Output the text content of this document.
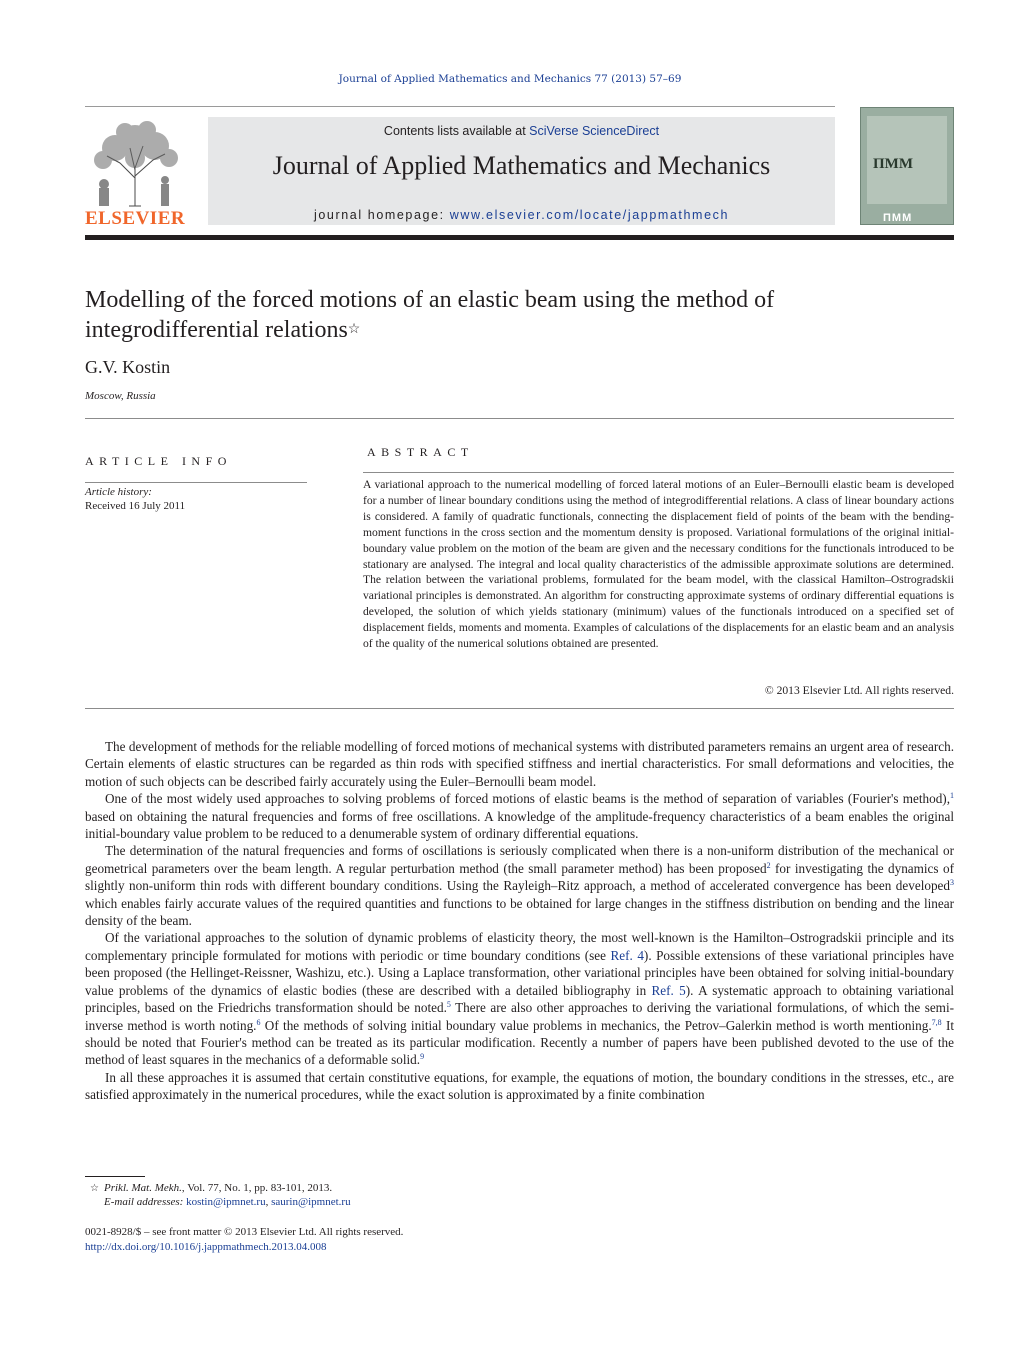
Journal of Applied Mathematics and Mechanics 77 (2013) 57–69
ELSEVIER
Contents lists available at SciVerse ScienceDirect
Journal of Applied Mathematics and Mechanics
journal homepage: www.elsevier.com/locate/jappmathmech
ПММ
ПММ
Modelling of the forced motions of an elastic beam using the method of integrodifferential relations☆
G.V. Kostin
Moscow, Russia
ARTICLE INFO
Article history:
Received 16 July 2011
ABSTRACT
A variational approach to the numerical modelling of forced lateral motions of an Euler–Bernoulli elastic beam is developed for a number of linear boundary conditions using the method of integrodifferential relations. A class of linear boundary actions is considered. A family of quadratic functionals, connecting the displacement field of points of the beam with the bending-moment functions in the cross section and the momentum density is proposed. Variational formulations of the original initial-boundary value problem on the motion of the beam are given and the necessary conditions for the functionals introduced to be stationary are analysed. The integral and local quality characteristics of the admissible approximate solutions are determined. The relation between the variational problems, formulated for the beam model, with the classical Hamilton–Ostrogradskii variational principles is demonstrated. An algorithm for constructing approximate systems of ordinary differential equations is developed, the solution of which yields stationary (minimum) values of the functionals introduced on a specified set of displacement fields, moments and momenta. Examples of calculations of the displacements for an elastic beam and an analysis of the quality of the numerical solutions obtained are presented.
© 2013 Elsevier Ltd. All rights reserved.

The development of methods for the reliable modelling of forced motions of mechanical systems with distributed parameters remains an urgent area of research. Certain elements of elastic structures can be regarded as thin rods with specified stiffness and inertial characteristics. For small deformations and velocities, the motion of such objects can be described fairly accurately using the Euler–Bernoulli beam model.

One of the most widely used approaches to solving problems of forced motions of elastic beams is the method of separation of variables (Fourier's method),$^1$ based on obtaining the natural frequencies and forms of free oscillations. A knowledge of the amplitude-frequency characteristics of a beam enables the original initial-boundary value problem to be reduced to a denumerable system of ordinary differential equations.

The determination of the natural frequencies and forms of oscillations is seriously complicated when there is a non-uniform distribution of the mechanical or geometrical parameters over the beam length. A regular perturbation method (the small parameter method) has been proposed$^2$ for investigating the dynamics of slightly non-uniform thin rods with different boundary conditions. Using the Rayleigh–Ritz approach, a method of accelerated convergence has been developed$^3$ which enables fairly accurate values of the required quantities and functions to be obtained for large changes in the stiffness distribution on bending and the linear density of the beam.

Of the variational approaches to the solution of dynamic problems of elasticity theory, the most well-known is the Hamilton–Ostrogradskii principle and its complementary principle formulated for motions with periodic or time boundary conditions (see Ref. 4). Possible extensions of these variational principles have been proposed (the Hellinget-Reissner, Washizu, etc.). Using a Laplace transformation, other variational principles have been obtained for solving initial-boundary value problems of the dynamics of elastic bodies (these are described with a detailed bibliography in Ref. 5). A systematic approach to obtaining variational principles, based on the Friedrichs transformation should be noted.$^5$ There are also other approaches to deriving the variational formulations, of which the semi-inverse method is worth noting.$^6$ Of the methods of solving initial boundary value problems in mechanics, the Petrov–Galerkin method is worth mentioning.$^{7,8}$ It should be noted that Fourier's method can be treated as its particular modification. Recently a number of papers have been published devoted to the use of the method of least squares in the mechanics of a deformable solid.$^9$

In all these approaches it is assumed that certain constitutive equations, for example, the equations of motion, the boundary conditions in the stresses, etc., are satisfied approximately in the numerical procedures, while the exact solution is approximated by a finite combination

☆ Prikl. Mat. Mekh., Vol. 77, No. 1, pp. 83-101, 2013.
E-mail addresses: kostin@ipmnet.ru, saurin@ipmnet.ru
0021-8928/$ – see front matter © 2013 Elsevier Ltd. All rights reserved.
http://dx.doi.org/10.1016/j.jappmathmech.2013.04.008
